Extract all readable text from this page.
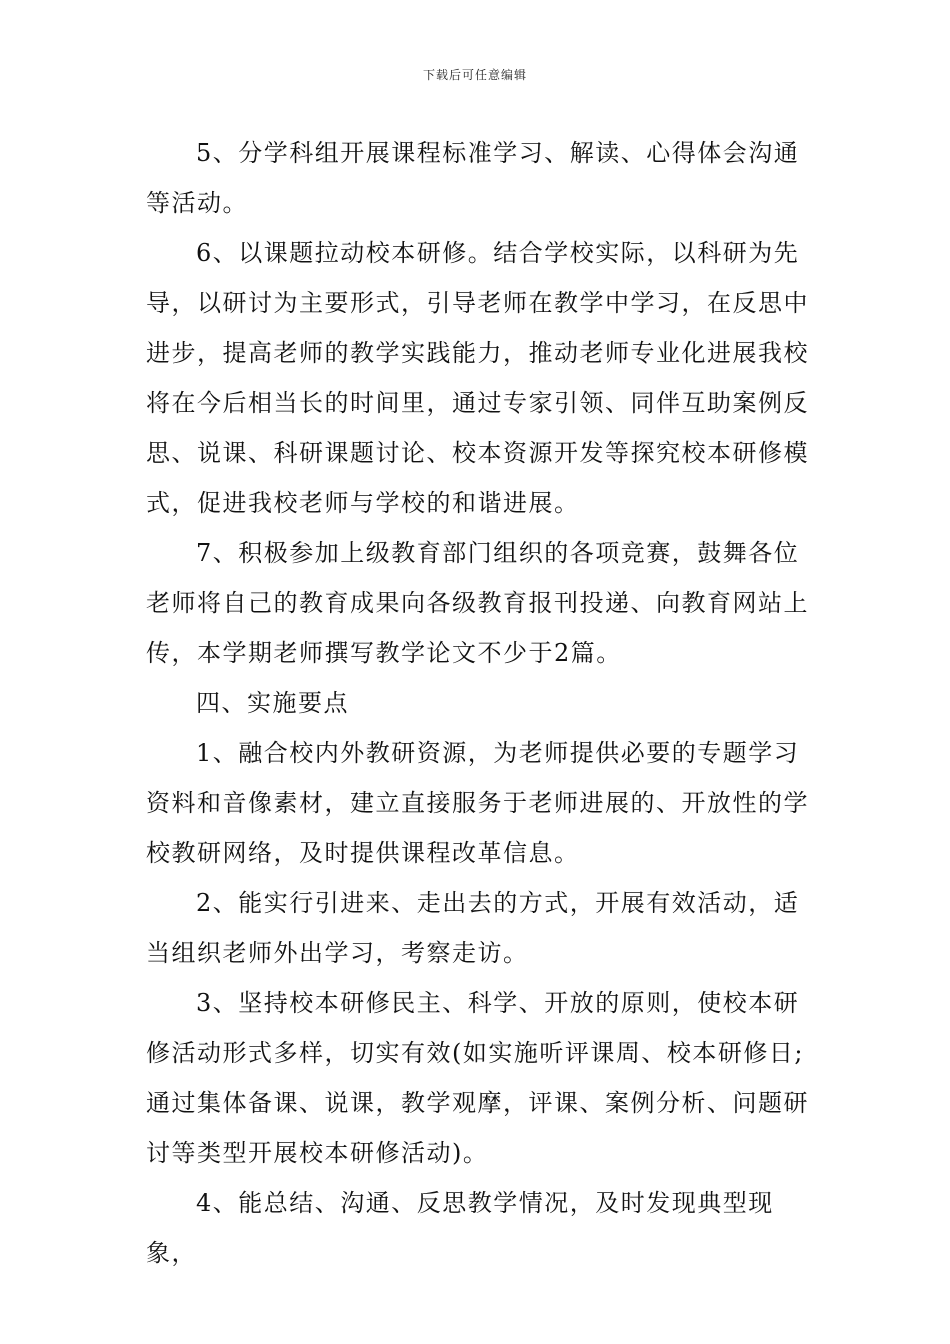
下载后可任意编辑

5、分学科组开展课程标准学习、解读、心得体会沟通等活动。

6、以课题拉动校本研修。结合学校实际，以科研为先导，以研讨为主要形式，引导老师在教学中学习，在反思中进步，提高老师的教学实践能力，推动老师专业化进展我校将在今后相当长的时间里，通过专家引领、同伴互助案例反思、说课、科研课题讨论、校本资源开发等探究校本研修模式，促进我校老师与学校的和谐进展。

7、积极参加上级教育部门组织的各项竞赛，鼓舞各位老师将自己的教育成果向各级教育报刊投递、向教育网站上传，本学期老师撰写教学论文不少于2篇。

四、实施要点

1、融合校内外教研资源，为老师提供必要的专题学习资料和音像素材，建立直接服务于老师进展的、开放性的学校教研网络，及时提供课程改革信息。

2、能实行引进来、走出去的方式，开展有效活动，适当组织老师外出学习，考察走访。

3、坚持校本研修民主、科学、开放的原则，使校本研修活动形式多样，切实有效(如实施听评课周、校本研修日;通过集体备课、说课，教学观摩，评课、案例分析、问题研讨等类型开展校本研修活动)。

4、能总结、沟通、反思教学情况，及时发现典型现象，
